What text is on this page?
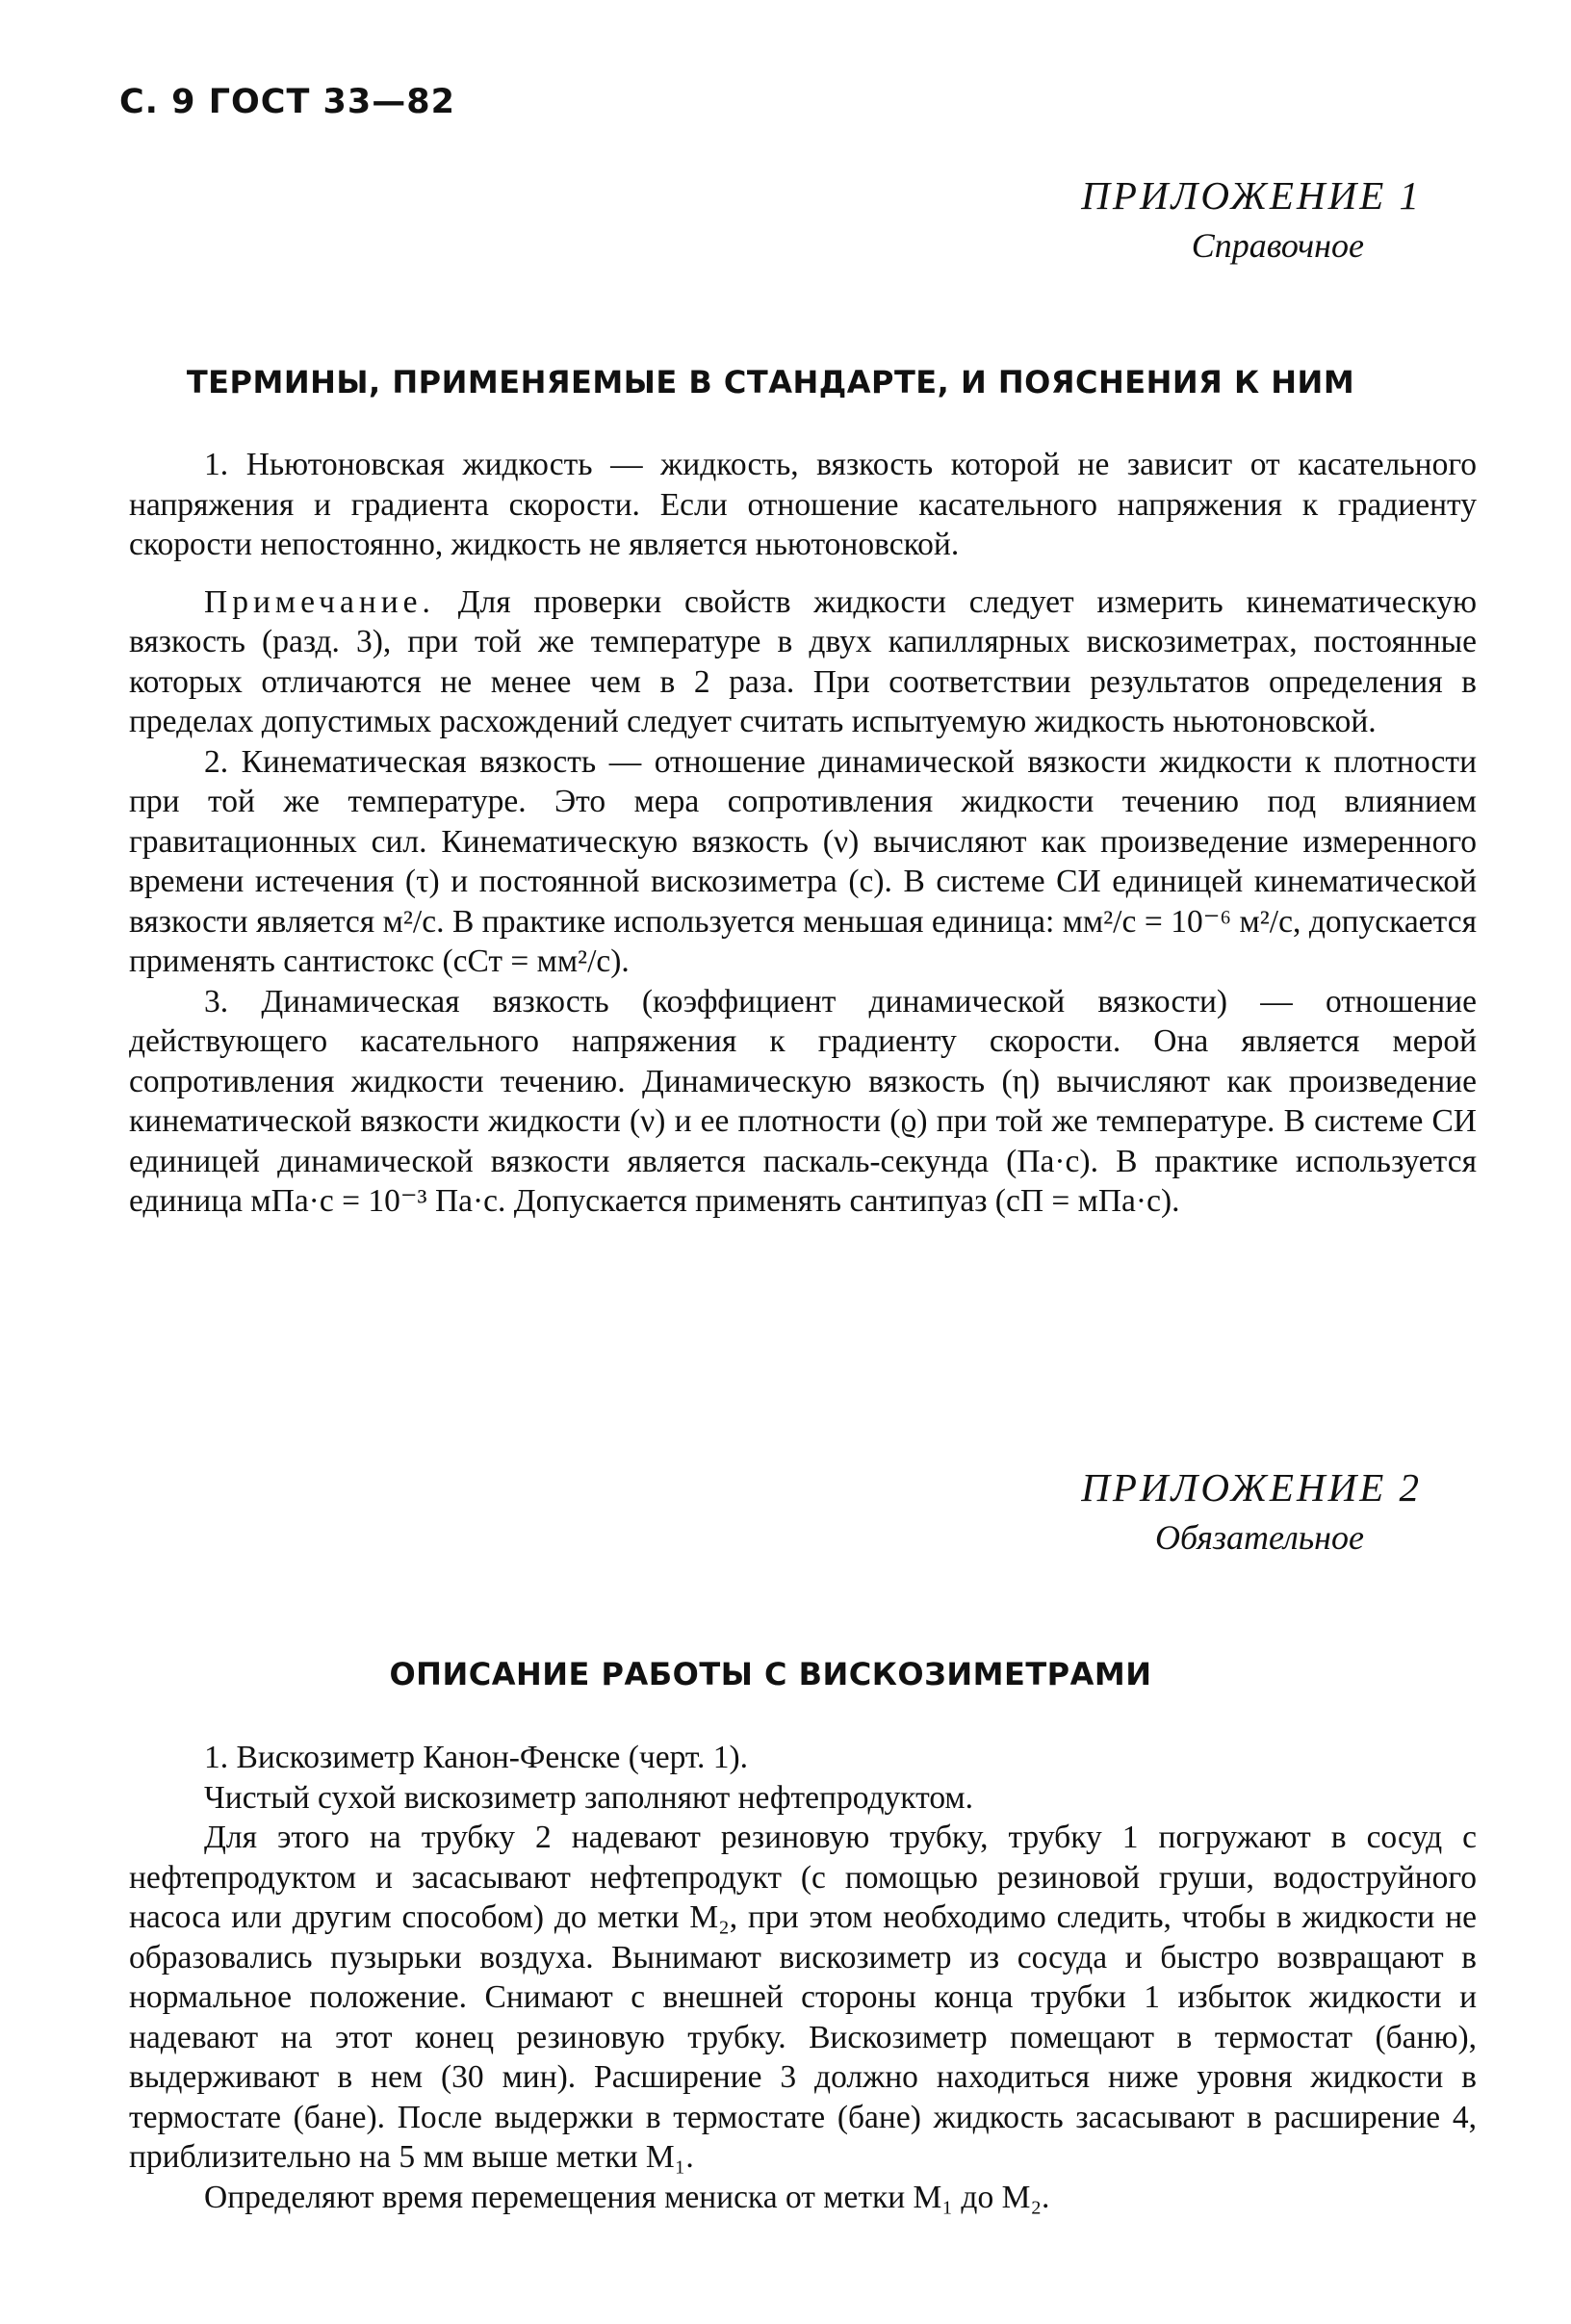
С. 9 ГОСТ 33—82
ПРИЛОЖЕНИЕ 1
Справочное
ТЕРМИНЫ, ПРИМЕНЯЕМЫЕ В СТАНДАРТЕ, И ПОЯСНЕНИЯ К НИМ

1. Ньютоновская жидкость — жидкость, вязкость которой не зависит от касательного напряжения и градиента скорости. Если отношение касательного напряжения к градиенту скорости непостоянно, жидкость не является ньютоновской.

Примечание. Для проверки свойств жидкости следует измерить кинематическую вязкость (разд. 3), при той же температуре в двух капиллярных вискозиметрах, постоянные которых отличаются не менее чем в 2 раза. При соответствии результатов определения в пределах допустимых расхождений следует считать испытуемую жидкость ньютоновской.

2. Кинематическая вязкость — отношение динамической вязкости жидкости к плотности при той же температуре. Это мера сопротивления жидкости течению под влиянием гравитационных сил. Кинематическую вязкость (ν) вычисляют как произведение измеренного времени истечения (τ) и постоянной вискозиметра (с). В системе СИ единицей кинематической вязкости является м²/с. В практике используется меньшая единица: мм²/с = 10⁻⁶ м²/с, допускается применять сантистокс (сСт = мм²/с).

3. Динамическая вязкость (коэффициент динамической вязкости) — отношение действующего касательного напряжения к градиенту скорости. Она является мерой сопротивления жидкости течению. Динамическую вязкость (η) вычисляют как произведение кинематической вязкости жидкости (ν) и ее плотности (ϱ) при той же температуре. В системе СИ единицей динамической вязкости является паскаль-секунда (Па·с). В практике используется единица мПа·с = 10⁻³ Па·с. Допускается применять сантипуаз (сП = мПа·с).

ПРИЛОЖЕНИЕ 2
Обязательное
ОПИСАНИЕ РАБОТЫ С ВИСКОЗИМЕТРАМИ

1. Вискозиметр Канон-Фенске (черт. 1).

Чистый сухой вискозиметр заполняют нефтепродуктом.

Для этого на трубку 2 надевают резиновую трубку, трубку 1 погружают в сосуд с нефтепродуктом и засасывают нефтепродукт (с помощью резиновой груши, водоструйного насоса или другим способом) до метки M₂, при этом необходимо следить, чтобы в жидкости не образовались пузырьки воздуха. Вынимают вискозиметр из сосуда и быстро возвращают в нормальное положение. Снимают с внешней стороны конца трубки 1 избыток жидкости и надевают на этот конец резиновую трубку. Вискозиметр помещают в термостат (баню), выдерживают в нем (30 мин). Расширение 3 должно находиться ниже уровня жидкости в термостате (бане). После выдержки в термостате (бане) жидкость засасывают в расширение 4, приблизительно на 5 мм выше метки M₁.

Определяют время перемещения мениска от метки M₁ до M₂.
